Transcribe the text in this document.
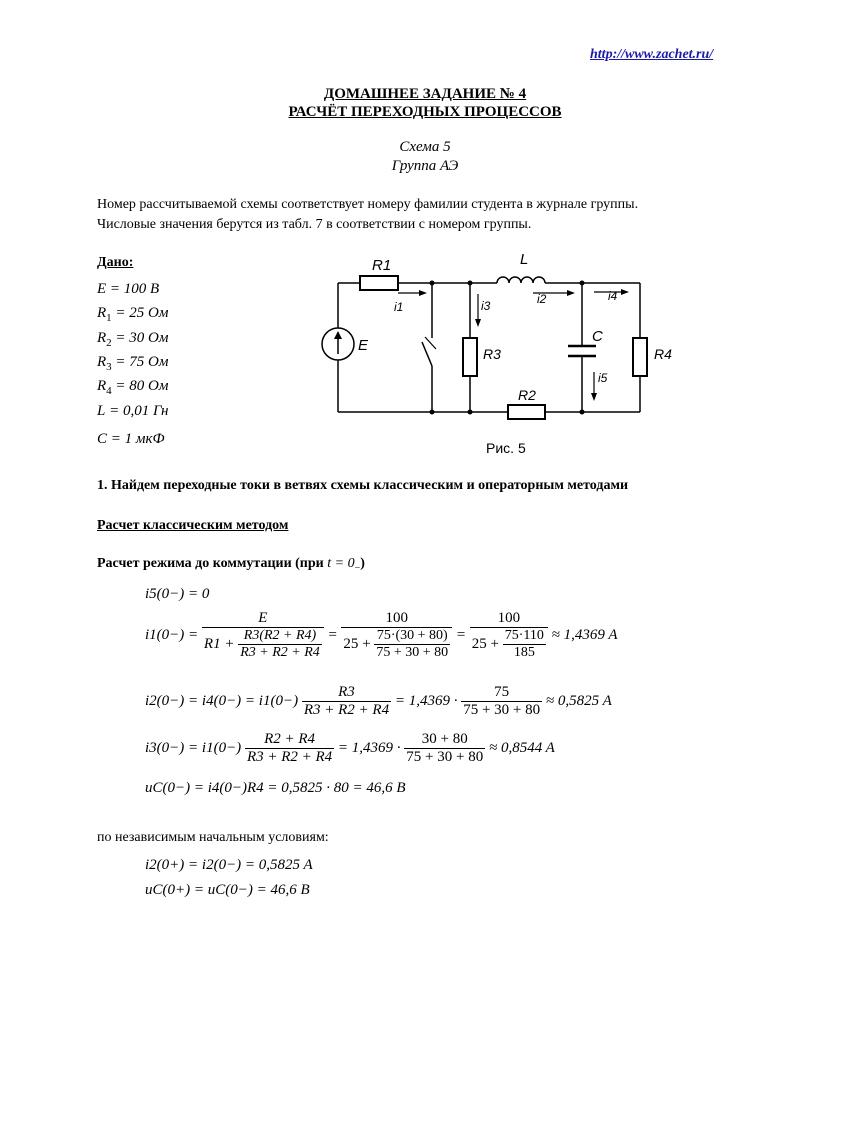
http://www.zachet.ru/
ДОМАШНЕЕ ЗАДАНИЕ № 4
РАСЧЁТ ПЕРЕХОДНЫХ ПРОЦЕССОВ
Схема 5
Группа АЭ
Номер рассчитываемой схемы соответствует номеру фамилии студента в журнале группы.
Числовые значения берутся из табл. 7 в соответствии с номером группы.
Дано:
E = 100 В
$R_1 = 25$ Ом
$R_2 = 30$ Ом
$R_3 = 75$ Ом
$R_4 = 80$ Ом
L = 0,01 Гн
C = 1 мкФ
R1	L
E	R3
R2
C
R4
i1	i3	i2	i4
i5
Рис. 5
1. Найдем переходные токи в ветвях схемы классическим и операторным методами
Расчет классическим методом
Расчет режима до коммутации (при $t = 0_-$)
i5(0−) = 0
$i1(0-) = \frac{E}{R1 + \frac{R3(R2 + R4)}{R3 + R2 + R4}} = \frac{100}{25 + \frac{75\cdot(30 + 80)}{75 + 30 + 80}} = \frac{100}{25 + \frac{75\cdot 110}{185}} \approx 1,4369$ A
$i2(0-) = i4(0-) = i1(0-) \frac{R3}{R3 + R2 + R4} = 1,4369 \cdot \frac{75}{75 + 30 + 80} \approx 0,5825$ A
$i3(0-) = i1(0-) \frac{R2 + R4}{R3 + R2 + R4} = 1,4369 \cdot \frac{30 + 80}{75 + 30 + 80} \approx 0,8544$ A
uC(0−) = i4(0−)R4 = 0,5825 · 80 = 46,6 B
по независимым начальным условиям:
i2(0+) = i2(0−) = 0,5825 A
uC(0+) = uC(0−) = 46,6 B
